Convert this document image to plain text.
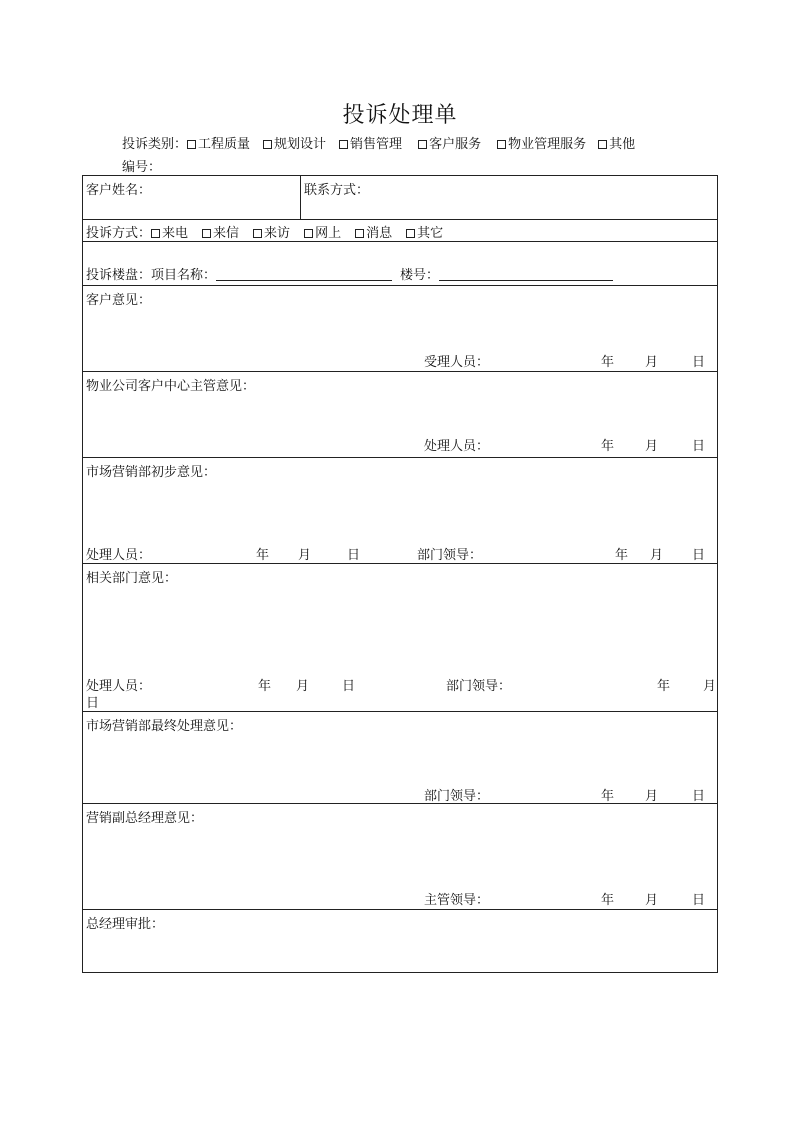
投诉处理单
投诉类别： 工程质量 规划设计 销售管理 客户服务 物业管理服务 其他
编号：
客户姓名：	联系方式：
投诉方式： 来电 来信 来访 网上 消息 其它
投诉楼盘：项目名称：	楼号：
客户意见：
受理人员：	年 月	日
物业公司客户中心主管意见：
处理人员：	年 月	日
市场营销部初步意见：
处理人员：	年 月	日	部门领导：	年 月 日
相关部门意见：
处理人员：	年 月	日	部门领导：	年	月
日
市场营销部最终处理意见：
部门领导：	年 月	日
营销副总经理意见：
主管领导：	年 月	日
总经理审批：
